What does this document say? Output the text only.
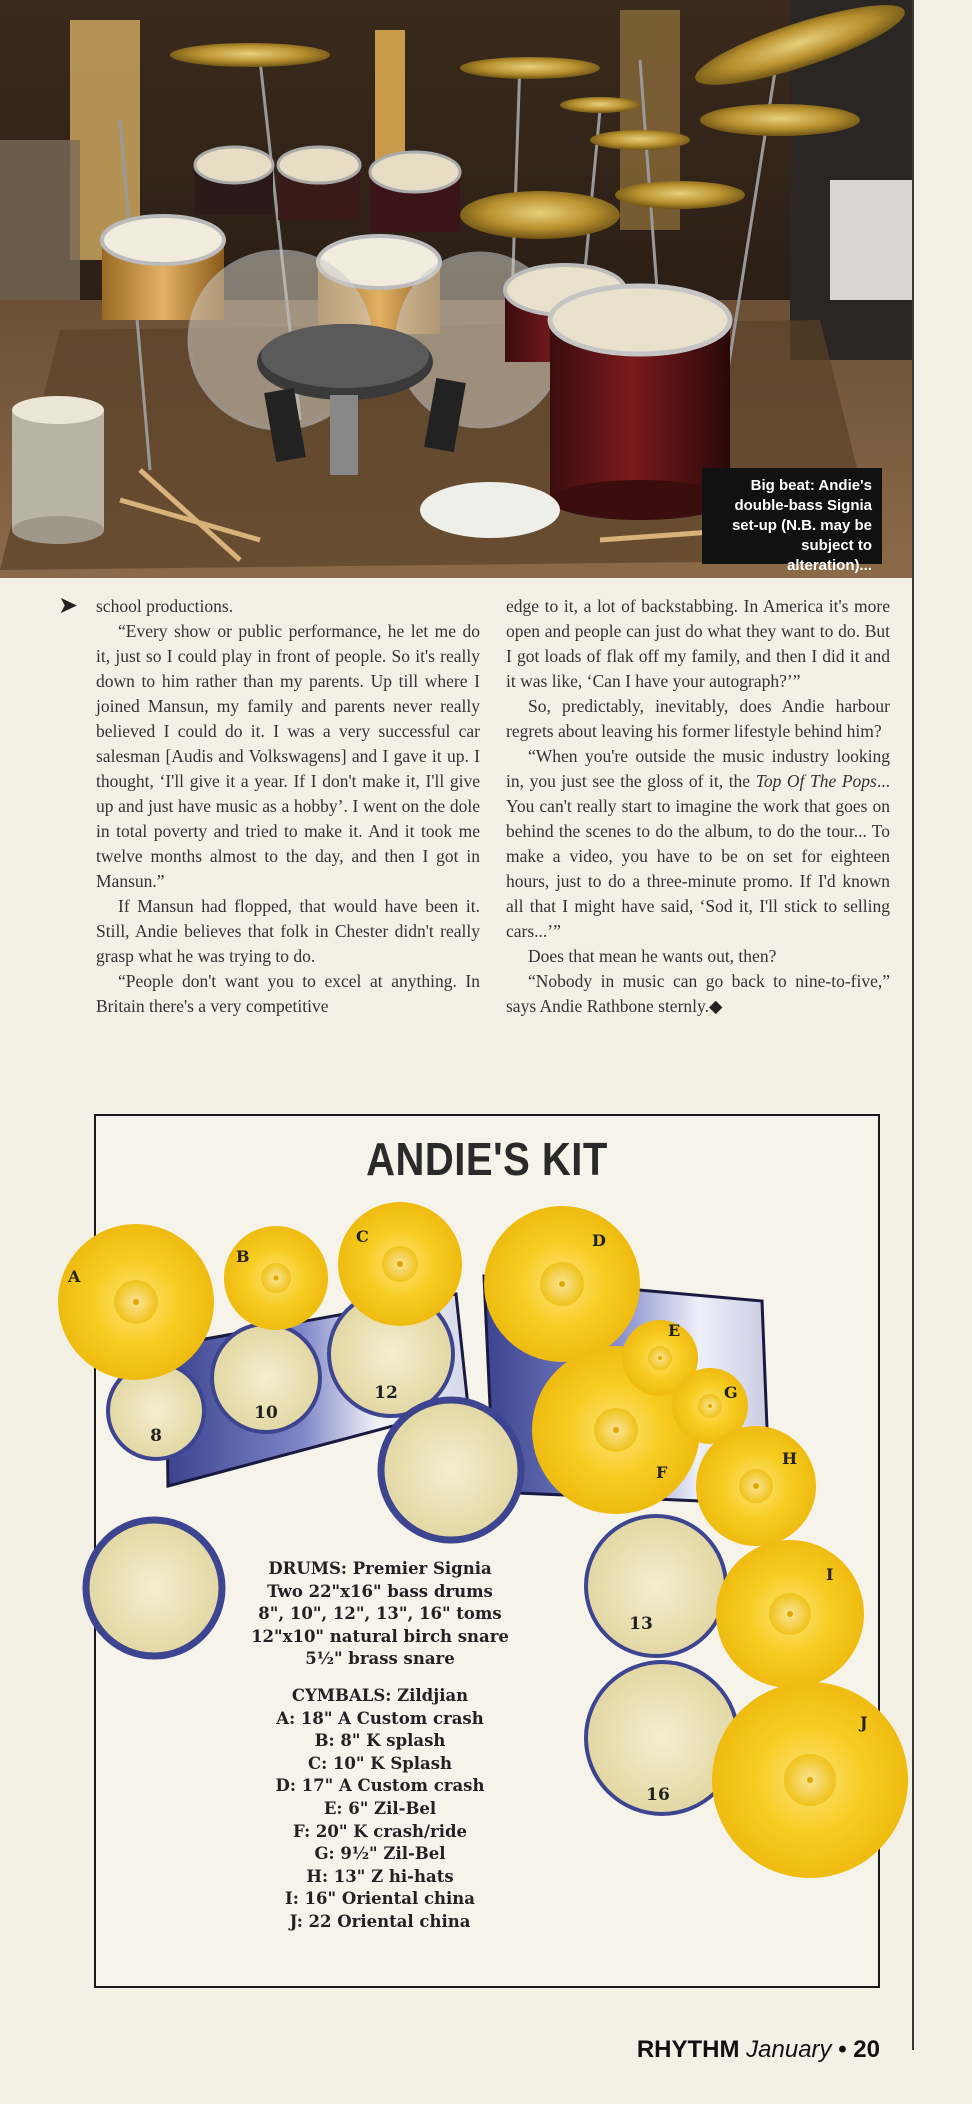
Big beat: Andie's double-bass Signia set-up (N.B. may be subject to alteration)...
➤ school productions.

“Every show or public performance, he let me do it, just so I could play in front of people. So it's really down to him rather than my parents. Up till where I joined Mansun, my family and parents never really believed I could do it. I was a very successful car salesman [Audis and Volkswagens] and I gave it up. I thought, ‘I'll give it a year. If I don't make it, I'll give up and just have music as a hobby’. I went on the dole in total poverty and tried to make it. And it took me twelve months almost to the day, and then I got in Mansun.”

If Mansun had flopped, that would have been it. Still, Andie believes that folk in Chester didn't really grasp what he was trying to do.

“People don't want you to excel at anything. In Britain there's a very competitive

edge to it, a lot of backstabbing. In America it's more open and people can just do what they want to do. But I got loads of flak off my family, and then I did it and it was like, ‘Can I have your autograph?’”

So, predictably, inevitably, does Andie harbour regrets about leaving his former lifestyle behind him?

“When you're outside the music industry looking in, you just see the gloss of it, the Top Of The Pops... You can't really start to imagine the work that goes on behind the scenes to do the album, to do the tour... To make a video, you have to be on set for eighteen hours, just to do a three-minute promo. If I'd known all that I might have said, ‘Sod it, I'll stick to selling cars...’”

Does that mean he wants out, then?

“Nobody in music can go back to nine-to-five,” says Andie Rathbone sternly.◆

ANDIE'S KIT
8
10
12
13
16
A
B
C	D
F
E
G
H
I
J
DRUMS: Premier Signia
Two 22"x16" bass drums
8", 10", 12", 13", 16" toms
12"x10" natural birch snare
5½" brass snare
CYMBALS: Zildjian
A: 18" A Custom crash
B: 8" K splash
C: 10" K Splash
D: 17" A Custom crash
E: 6" Zil-Bel
F: 20" K crash/ride
G: 9½" Zil-Bel
H: 13" Z hi-hats
I: 16" Oriental china
J: 22 Oriental china
RHYTHM January • 20
